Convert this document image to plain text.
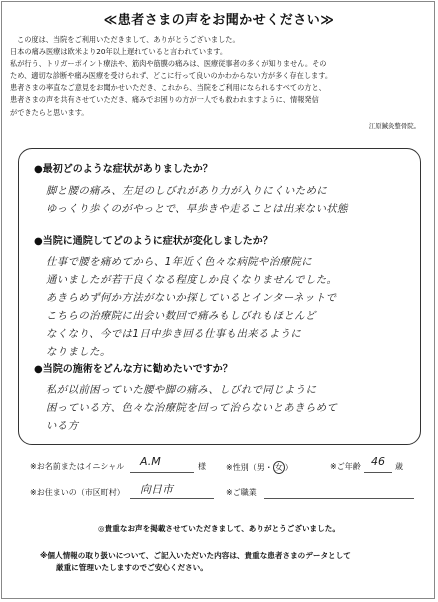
≪患者さまの声をお聞かせください≫

この度は、当院をご利用いただきまして、ありがとうございました。

日本の痛み医療は欧米より20年以上遅れていると言われています。

私が行う、トリガーポイント療法や、筋肉や筋膜の痛みは、医療従事者の多くが知りません。その

ため、適切な診断や痛み医療を受けられず、どこに行って良いのかわからない方が多く存在します。

患者さまの率直なご意見をお聞かせいただき、これから、当院をご利用になられるすべての方と、

患者さまの声を共有させていただき、痛みでお困りの方が一人でも救われますように、情報発信

ができたらと思います。

江原鍼灸整骨院。
●最初どのような症状がありましたか？
脚と腰の痛み、左足のしびれがあり力が入りにくいために
ゆっくり歩くのがやっとで、早歩きや走ることは出来ない状態
●当院に通院してどのように症状が変化しましたか？
仕事で腰を痛めてから、1年近く色々な病院や治療院に
通いましたが若干良くなる程度しか良くなりませんでした。
あきらめず何か方法がないか探しているとインターネットで
こちらの治療院に出会い数回で痛みもしびれもほとんど
なくなり、今では1日中歩き回る仕事も出来るように
なりました。
●当院の施術をどんな方に勧めたいですか？
私が以前困っていた腰や脚の痛み、しびれで同じように
困っている方、色々な治療院を回って治らないとあきらめて
いる方
※お名前またはイニシャル A.M	様	※性別（男・ 女 ）	※ご年齢 46 歳
※お住まいの（市区町村） 向日市	※ご職業
◎貴重なお声を掲載させていただきまして、ありがとうございました。

※個人情報の取り扱いについて、ご記入いただいた内容は、貴重な患者さまのデータとして

厳重に管理いたしますのでご安心ください。
